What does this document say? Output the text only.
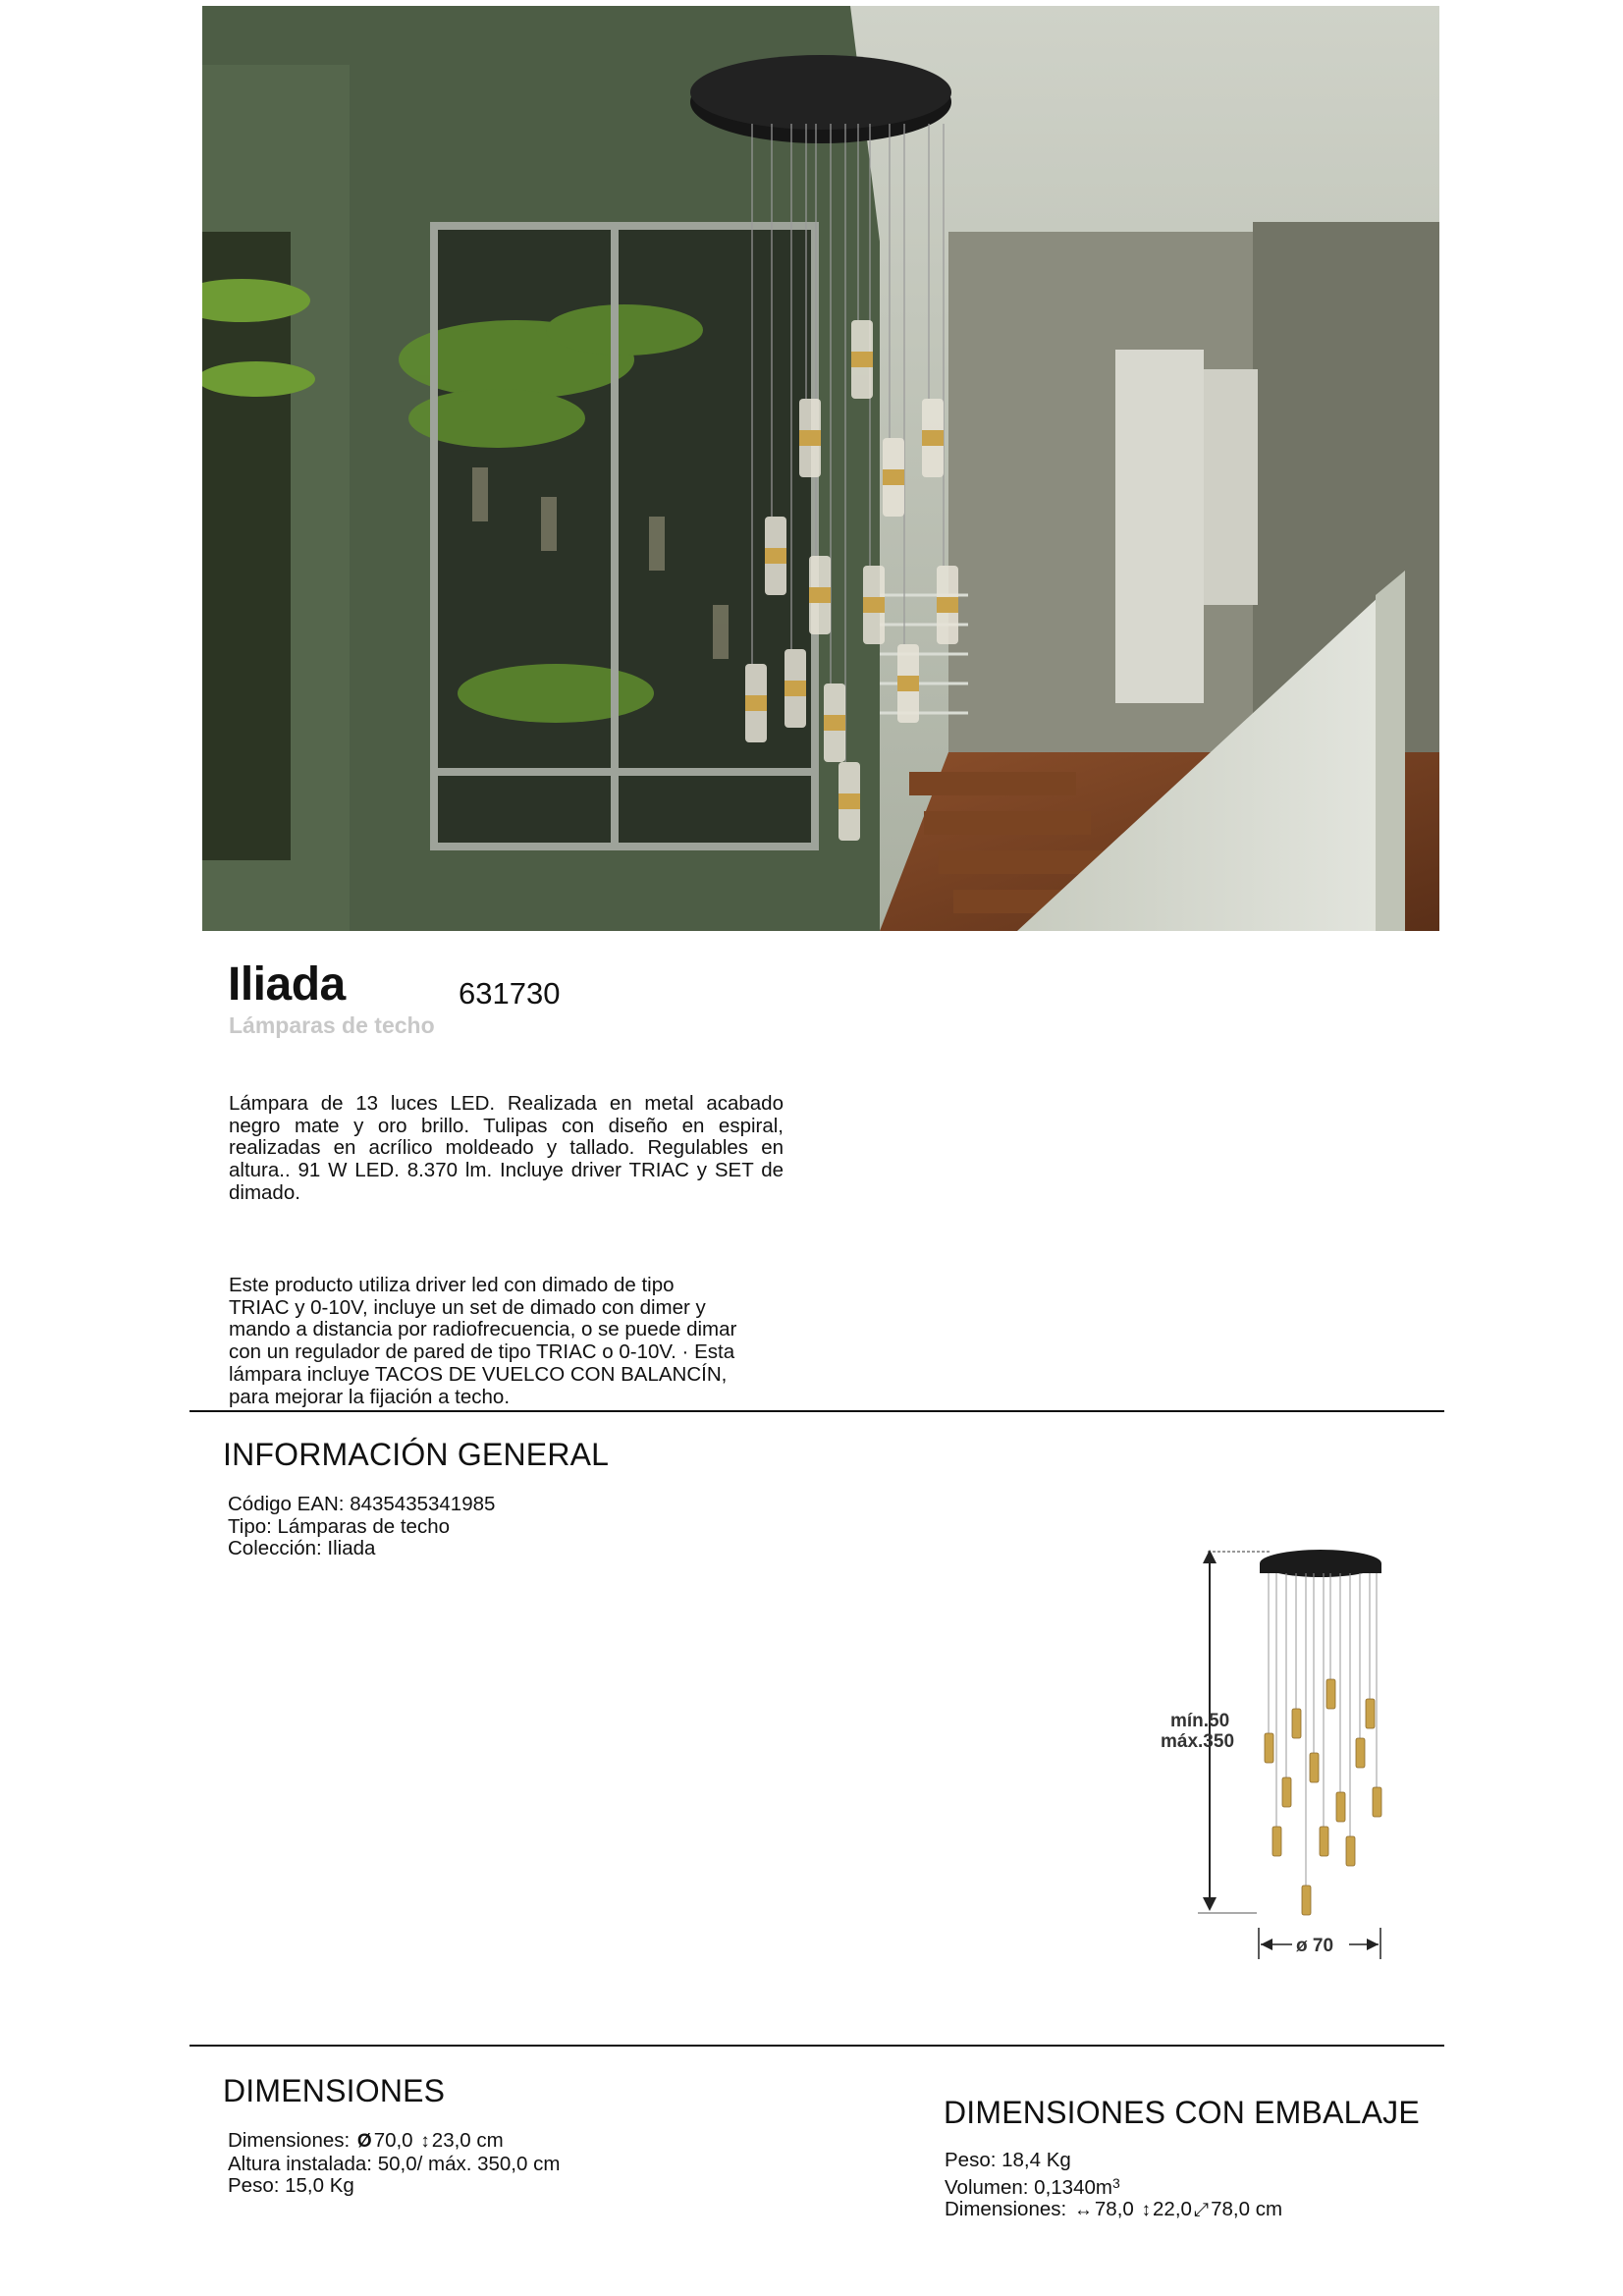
Iliada	631730
Lámparas de techo
Lámpara de 13 luces LED. Realizada en metal acabado negro mate y oro brillo. Tulipas con diseño en espiral, realizadas en acrílico moldeado y tallado. Regulables en altura.. 91 W LED. 8.370 lm. Incluye driver TRIAC y SET de dimado.
Este producto utiliza driver led con dimado de tipo TRIAC y 0-10V, incluye un set de dimado con dimer y mando a distancia por radiofrecuencia, o se puede dimar con un regulador de pared de tipo TRIAC o 0-10V. · Esta lámpara incluye TACOS DE VUELCO CON BALANCÍN, para mejorar la fijación a techo.
INFORMACIÓN GENERAL
Código EAN: 8435435341985
Tipo: Lámparas de techo
Colección: Iliada
mín.50
máx.350
ø 70
DIMENSIONES
Dimensiones: Ø70,0 ↕23,0 cm
Altura instalada: 50,0/ máx. 350,0 cm
Peso: 15,0 Kg
DIMENSIONES CON EMBALAJE
Peso: 18,4 Kg
Volumen: $0,1340m^3$
Dimensiones: ↔78,0 ↕22,0 ⤢78,0 cm
